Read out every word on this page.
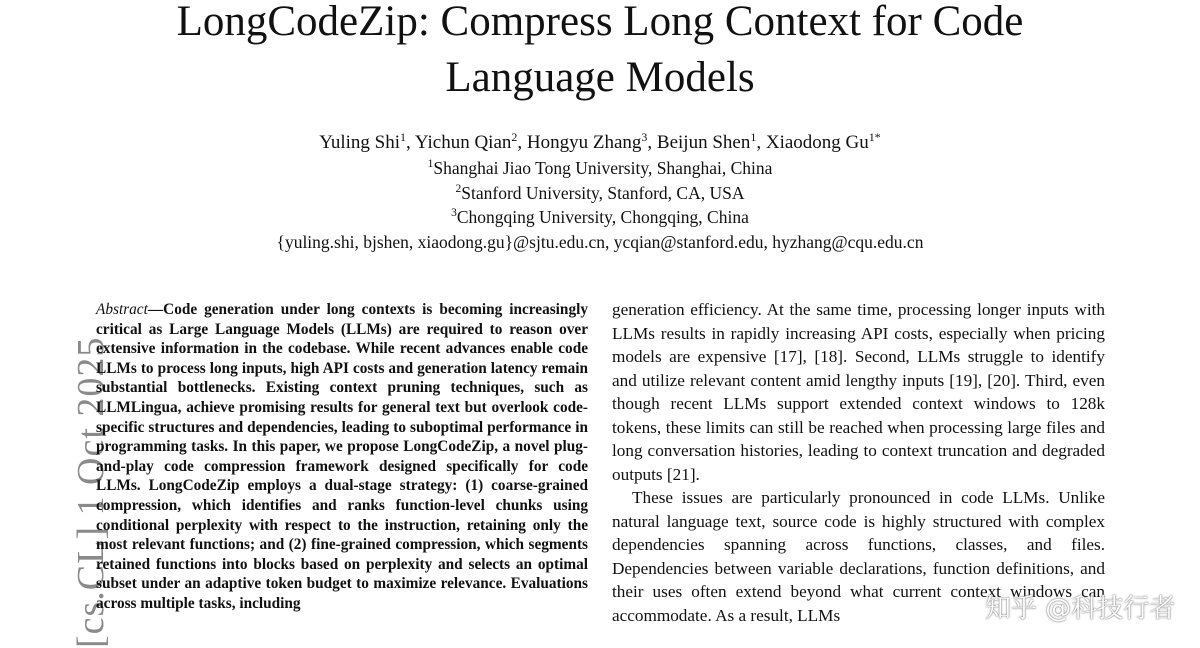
LongCodeZip: Compress Long Context for Code
Language Models
Yuling Shi$^1$, Yichun Qian$^2$, Hongyu Zhang$^3$, Beijun Shen$^1$, Xiaodong $Gu^{1*}$
$^1$Shanghai Jiao Tong University, Shanghai, China
$^2$Stanford University, Stanford, CA, USA
$^3$Chongqing University, Chongqing, China
{yuling.shi, bjshen, xiaodong.gu}@sjtu.edu.cn, ycqian@stanford.edu, hyzhang@cqu.edu.cn
[cs.CL] 1 Oct 2025

Abstract—Code generation under long contexts is becoming increasingly critical as Large Language Models (LLMs) are required to reason over extensive information in the codebase. While recent advances enable code LLMs to process long inputs, high API costs and generation latency remain substantial bottlenecks. Existing context pruning techniques, such as LLMLingua, achieve promising results for general text but overlook code-specific structures and dependencies, leading to suboptimal performance in programming tasks. In this paper, we propose LongCodeZip, a novel plug-and-play code compression framework designed specifically for code LLMs. LongCodeZip employs a dual-stage strategy: (1) coarse-grained compression, which identifies and ranks function-level chunks using conditional perplexity with respect to the instruction, retaining only the most relevant functions; and (2) fine-grained compression, which segments retained functions into blocks based on perplexity and selects an optimal subset under an adaptive token budget to maximize relevance. Evaluations across multiple tasks, including

generation efficiency. At the same time, processing longer inputs with LLMs results in rapidly increasing API costs, especially when pricing models are expensive [17], [18]. Second, LLMs struggle to identify and utilize relevant content amid lengthy inputs [19], [20]. Third, even though recent LLMs support extended context windows to 128k tokens, these limits can still be reached when processing large files and long conversation histories, leading to context truncation and degraded outputs [21].

These issues are particularly pronounced in code LLMs. Unlike natural language text, source code is highly structured with complex dependencies spanning across functions, classes, and files. Dependencies between variable declarations, function definitions, and their uses often extend beyond what current context windows can accommodate. As a result, LLMs	知乎 @科技行者
